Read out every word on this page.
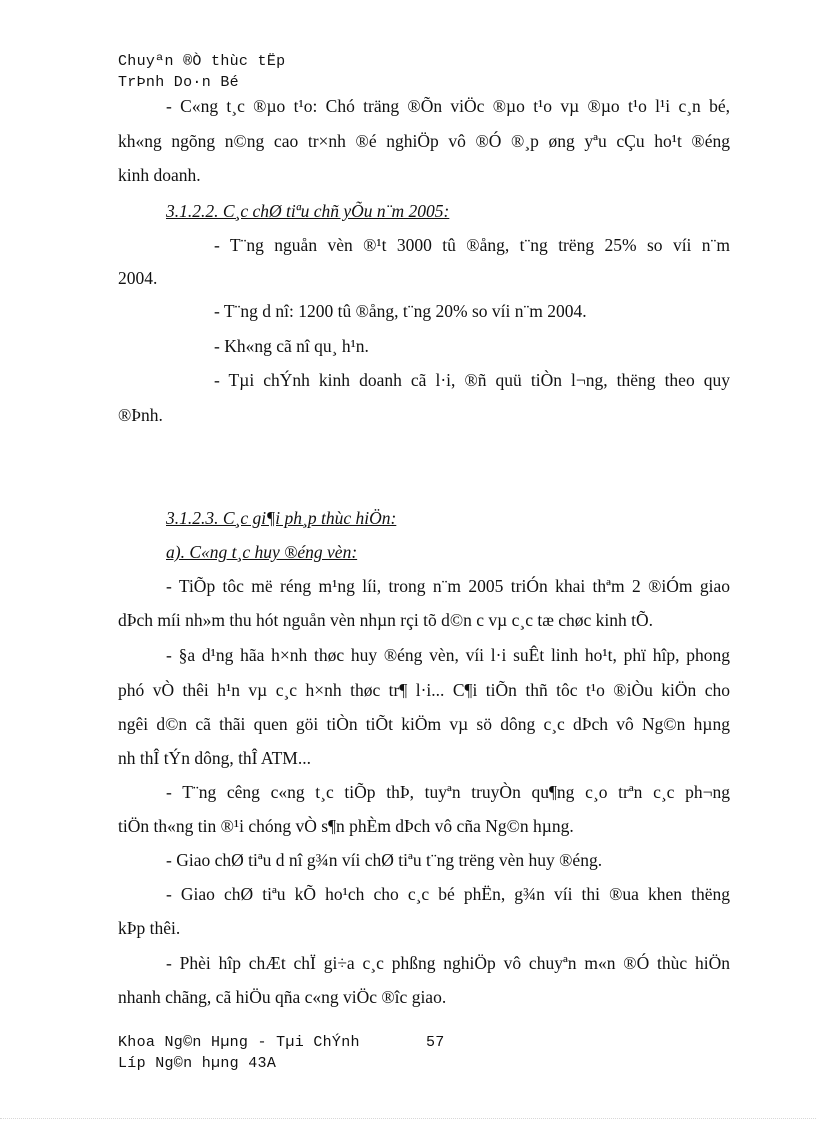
Chuyªn ®Ò thùc tËp
TrÞnh Do·n Bé
- C«ng t¸c ®µo t¹o: Chó träng ®Õn viÖc ®µo t¹o vµ ®µo t¹o l¹i c¸n bé,
kh«ng ngõng n©ng cao tr×nh ®é nghiÖp vô ®Ó ®¸p øng yªu cÇu ho¹t ®éng
kinh doanh.
3.1.2.2. C¸c chØ tiªu chñ yÕu n¨m 2005:
- T¨ng nguån vèn ®¹t 3000 tû ®ång, t¨ng trëng 25% so víi n¨m
2004.
- T¨ng d nî: 1200 tû ®ång, t¨ng 20% so víi n¨m 2004.
- Kh«ng cã nî qu¸ h¹n.
- Tµi chÝnh kinh doanh cã l·i, ®ñ quü tiÒn l¬ng, thëng theo quy
®Þnh.
3.1.2.3. C¸c gi¶i ph¸p thùc hiÖn:
a). C«ng t¸c huy ®éng vèn:
- TiÕp tôc më réng m¹ng líi, trong n¨m 2005 triÓn khai thªm 2 ®iÓm giao
dÞch míi nh»m thu hót nguån vèn nhµn rçi tõ d©n c vµ c¸c tæ chøc kinh tÕ.
- §a d¹ng hãa h×nh thøc huy ®éng vèn, víi l·i suÊt linh ho¹t, phï hîp, phong
phó vÒ thêi h¹n vµ c¸c h×nh thøc tr¶ l·i... C¶i tiÕn thñ tôc t¹o ®iÒu kiÖn cho
ngêi d©n cã thãi quen göi tiÒn tiÕt kiÖm vµ sö dông c¸c dÞch vô Ng©n hµng
nh thÎ tÝn dông, thÎ ATM...
- T¨ng cêng c«ng t¸c tiÕp thÞ, tuyªn truyÒn qu¶ng c¸o trªn c¸c ph¬ng
tiÖn th«ng tin ®¹i chóng vÒ s¶n phÈm dÞch vô cña Ng©n hµng.
- Giao chØ tiªu d nî g¾n víi chØ tiªu t¨ng trëng vèn huy ®éng.
- Giao chØ tiªu kÕ ho¹ch cho c¸c bé phËn, g¾n víi thi ®ua khen thëng
kÞp thêi.
- Phèi hîp chÆt chÏ gi÷a c¸c phßng nghiÖp vô chuyªn m«n ®Ó thùc hiÖn
nhanh chãng, cã hiÖu qña c«ng viÖc ®îc giao.
Khoa Ng©n Hµng - Tµi ChÝnh	57
Líp Ng©n hµng 43A
